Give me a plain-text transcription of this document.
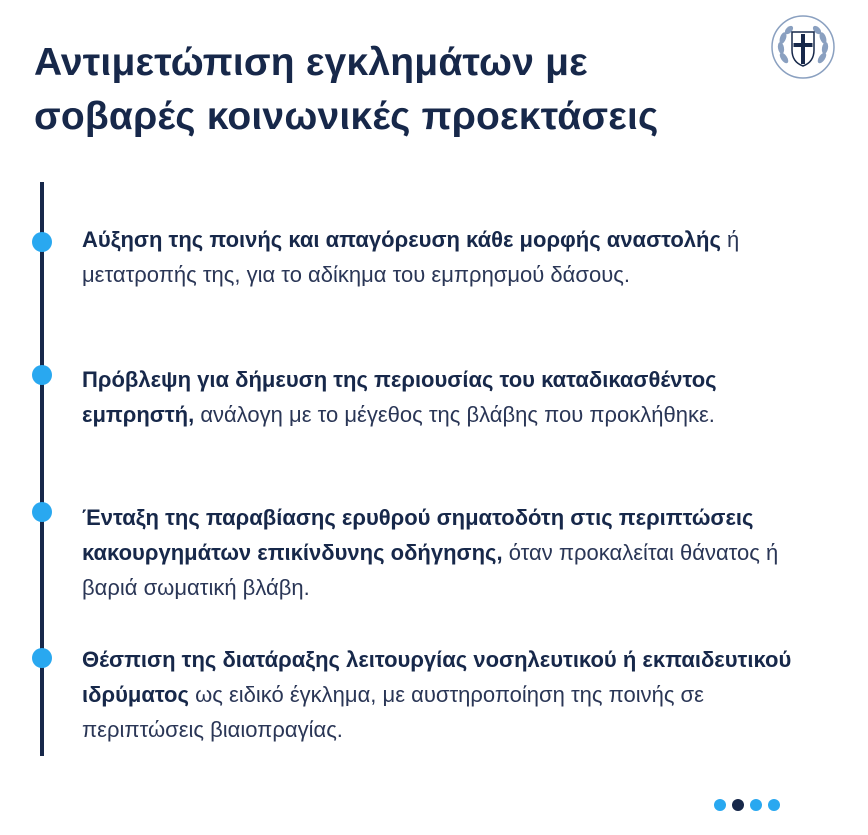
Αντιμετώπιση εγκλημάτων με
σοβαρές κοινωνικές προεκτάσεις
Αύξηση της ποινής και απαγόρευση κάθε μορφής αναστολής ή μετατροπής της, για το αδίκημα του εμπρησμού δάσους.
Πρόβλεψη για δήμευση της περιουσίας του καταδικασθέντος εμπρηστή, ανάλογη με το μέγεθος της βλάβης που προκλήθηκε.
Ένταξη της παραβίασης ερυθρού σηματοδότη στις περιπτώσεις κακουργημάτων επικίνδυνης οδήγησης, όταν προκαλείται θάνατος ή βαριά σωματική βλάβη.
Θέσπιση της διατάραξης λειτουργίας νοσηλευτικού ή εκπαιδευτικού ιδρύματος ως ειδικό έγκλημα, με αυστηροποίηση της ποινής σε περιπτώσεις βιαιοπραγίας.
